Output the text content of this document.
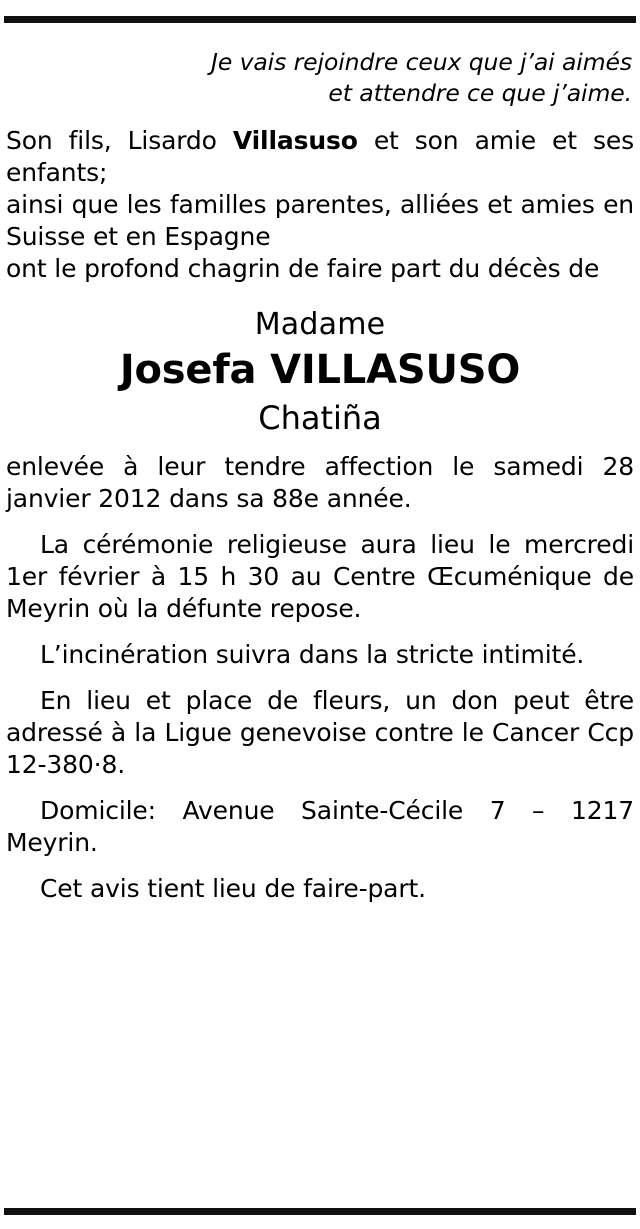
Je vais rejoindre ceux que j’ai aimés
et attendre ce que j’aime.

Son fils, Lisardo Villasuso et son amie et ses enfants;

ainsi que les familles parentes, alliées et amies en Suisse et en Espagne

ont le profond chagrin de faire part du décès de

Madame
Josefa VILLASUSO
Chatiña

enlevée à leur tendre affection le samedi 28 janvier 2012 dans sa 88e année.

La cérémonie religieuse aura lieu le mercredi 1er février à 15 h 30 au Centre Œcuménique de Meyrin où la défunte repose.

L’incinération suivra dans la stricte intimité.

En lieu et place de fleurs, un don peut être adressé à la Ligue genevoise contre le Cancer Ccp 12-380·8.

Domicile: Avenue Sainte-Cécile 7 – 1217 Meyrin.

Cet avis tient lieu de faire-part.
